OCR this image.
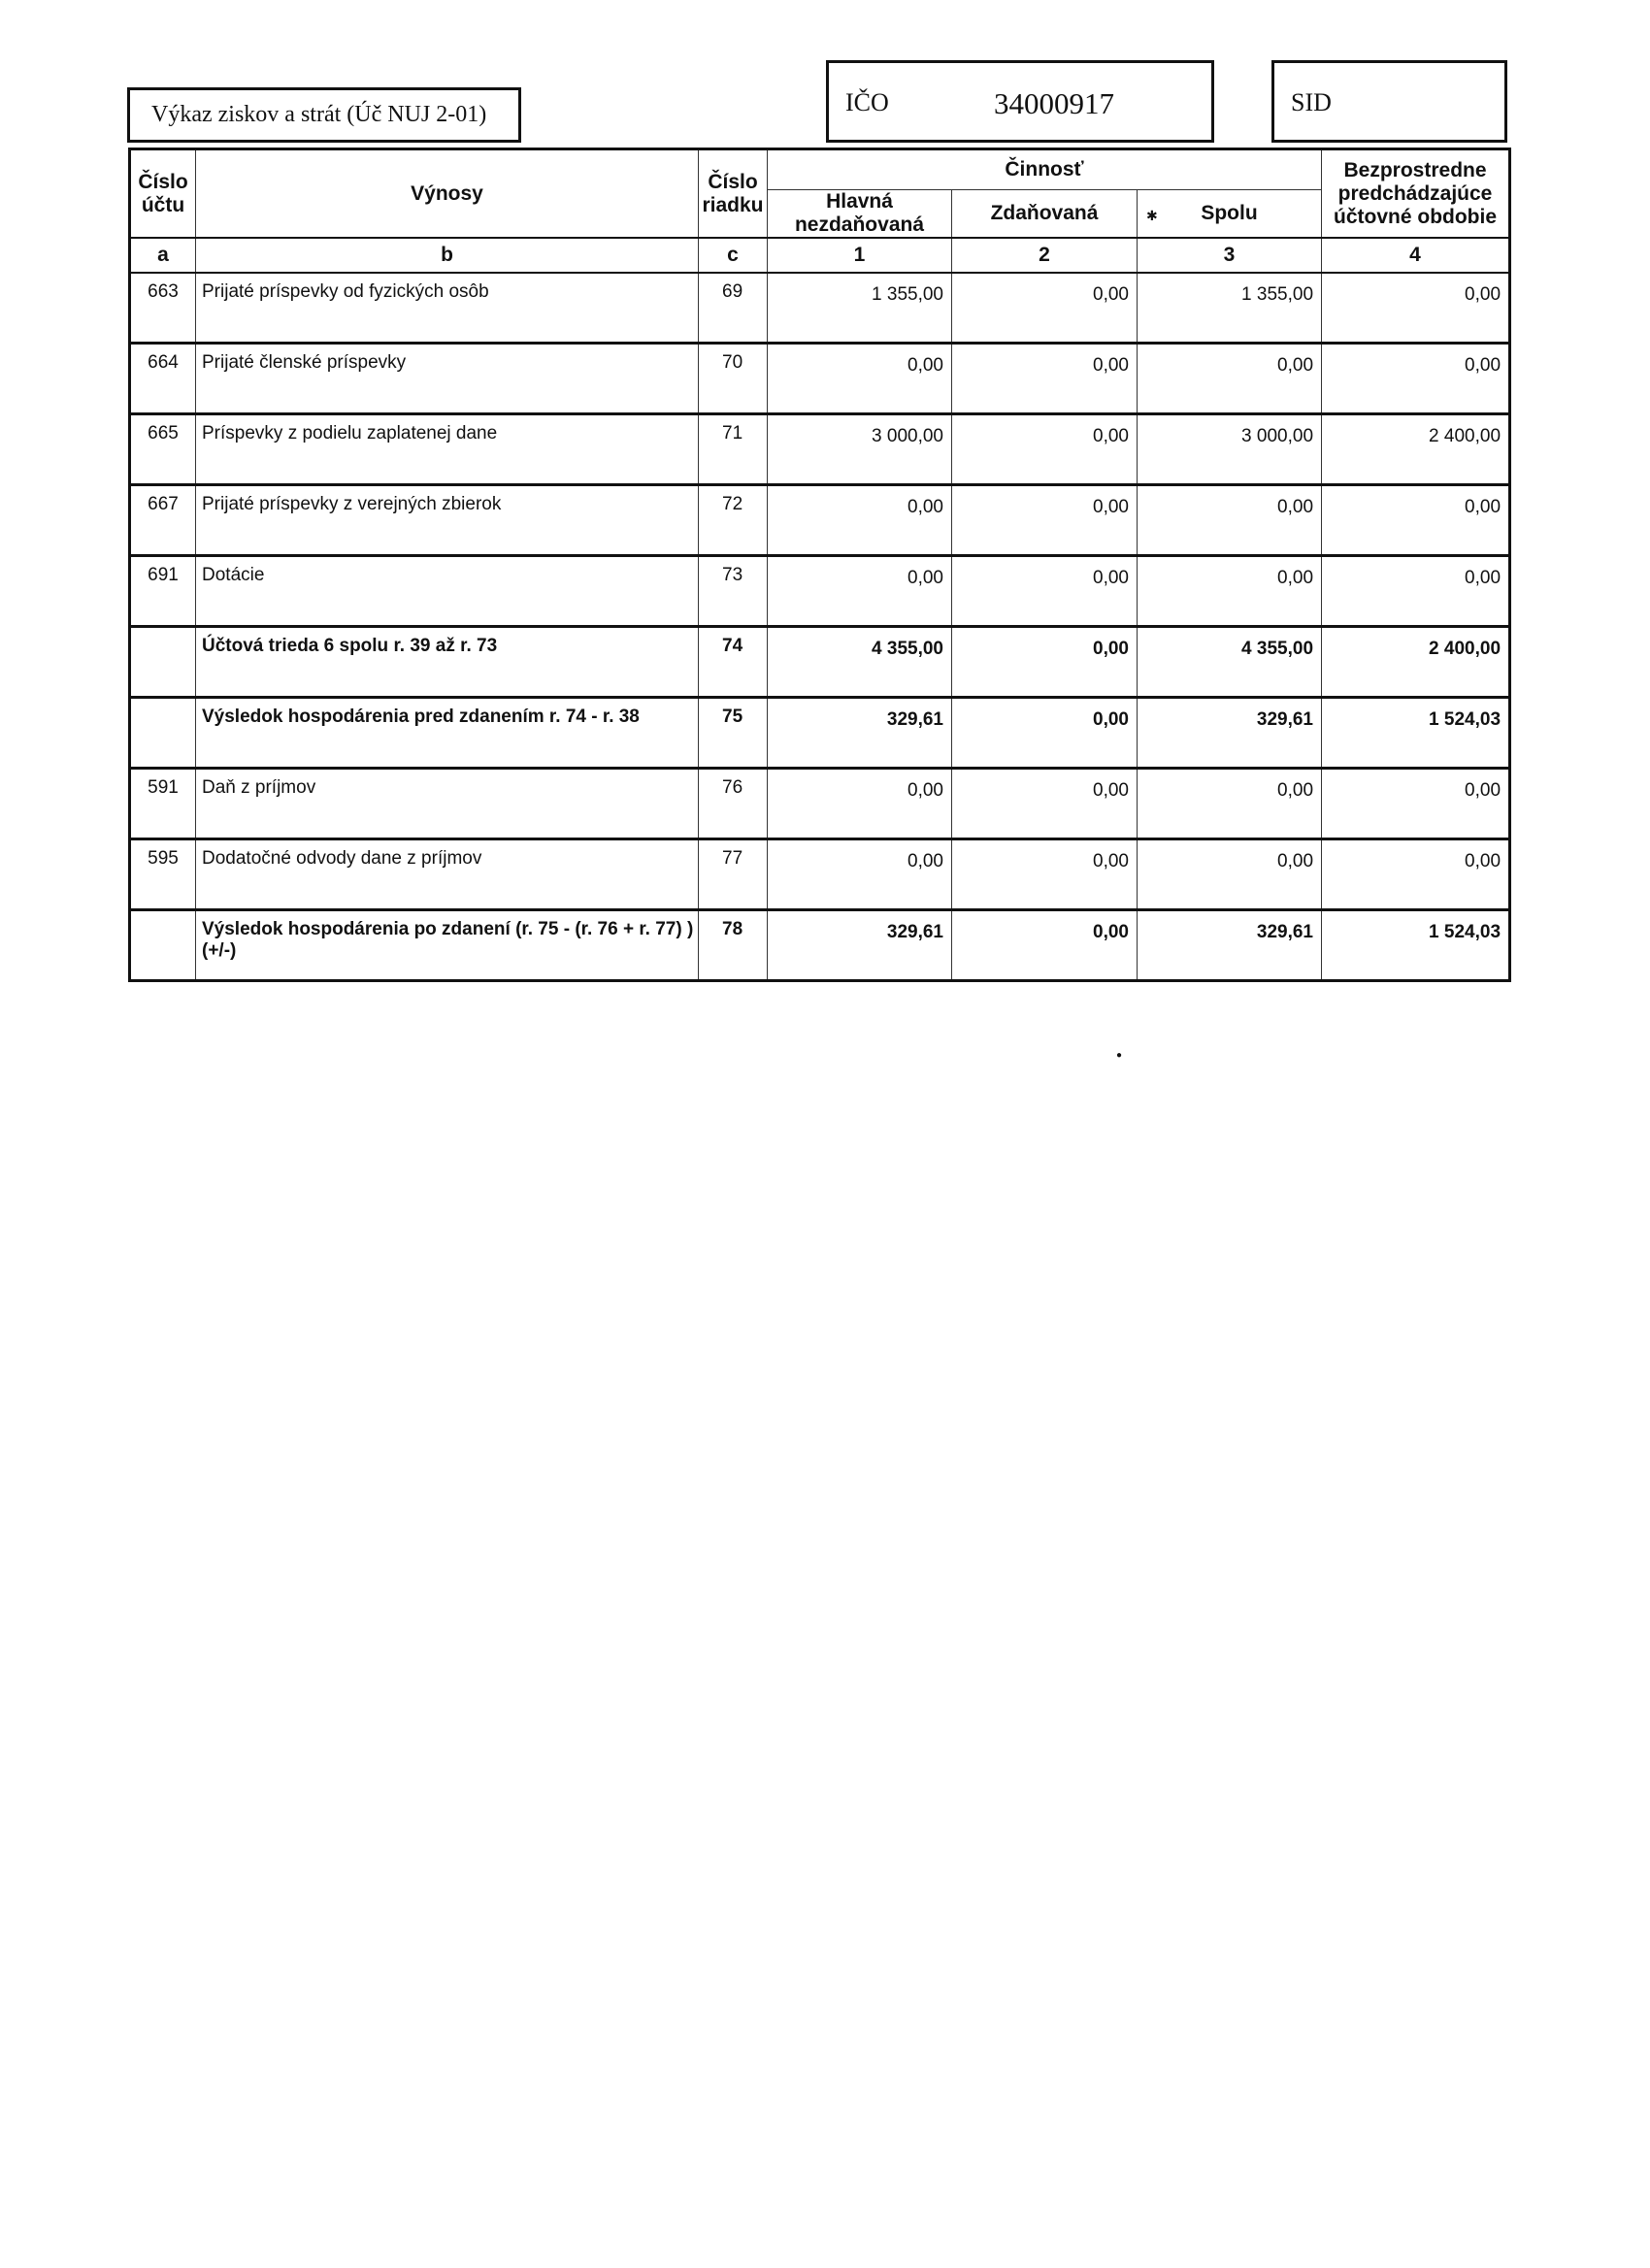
Výkaz ziskov a strát (Úč NUJ 2-01)	IČO	34000917	SID
Číslo účtu	Výnosy	Číslo riadku	Činnosť			Bezprostredne predchádzajúce účtovné obdobie
			Hlavná nezdaňovaná	Zdaňovaná	Spolu	
a	b	c	1	2	3	4
663	Prijaté príspevky od fyzických osôb	69	1 355,00	0,00	1 355,00	0,00
664	Prijaté členské príspevky	70	0,00	0,00	0,00	0,00
665	Príspevky z podielu zaplatenej dane	71	3 000,00	0,00	3 000,00	2 400,00
667	Prijaté príspevky z verejných zbierok	72	0,00	0,00	0,00	0,00
691	Dotácie	73	0,00	0,00	0,00	0,00
	Účtová trieda 6 spolu r. 39 až r. 73	74	4 355,00	0,00	4 355,00	2 400,00
	Výsledok hospodárenia pred zdanením r. 74 - r. 38	75	329,61	0,00	329,61	1 524,03
591	Daň z príjmov	76	0,00	0,00	0,00	0,00
595	Dodatočné odvody dane z príjmov	77	0,00	0,00	0,00	0,00
	Výsledok hospodárenia po zdanení (r. 75 - (r. 76 + r. 77) ) (+/-)	78	329,61	0,00	329,61	1 524,03
✱
●
